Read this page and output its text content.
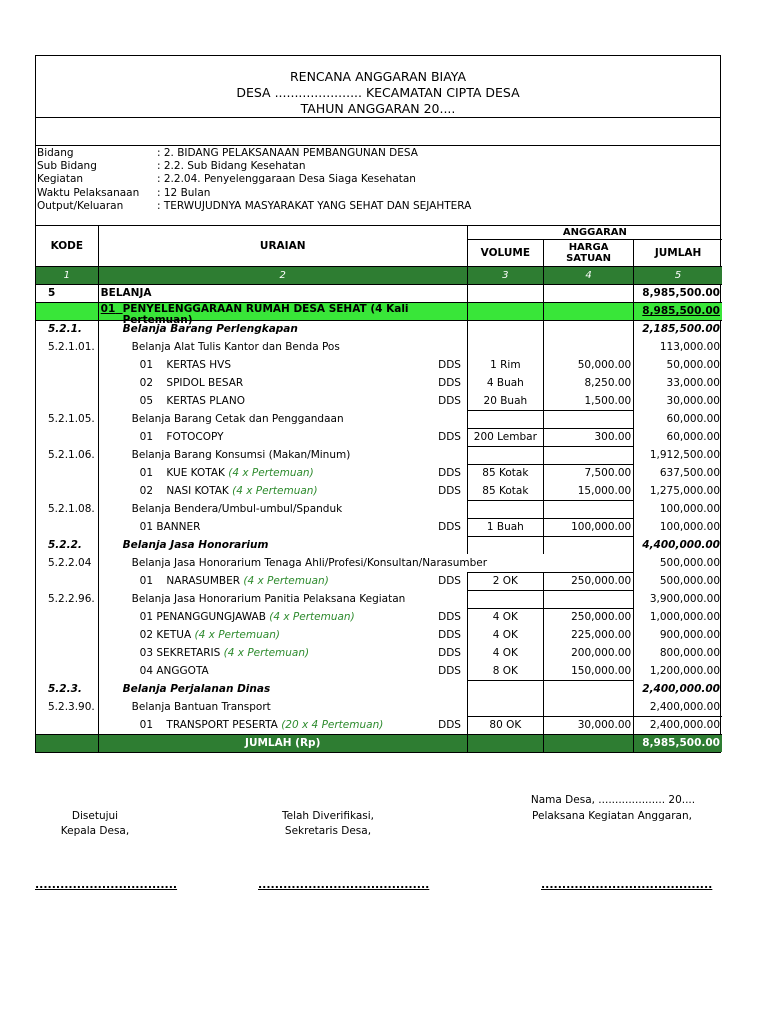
RENCANA ANGGARAN BIAYA
DESA ...................... KECAMATAN CIPTA DESA
TAHUN ANGGARAN 20....
Bidang	: 2. BIDANG PELAKSANAAN PEMBANGUNAN DESA
Sub Bidang	: 2.2. Sub Bidang Kesehatan
Kegiatan	: 2.2.04. Penyelenggaraan Desa Siaga Kesehatan
Waktu Pelaksanaan	: 12 Bulan
Output/Keluaran	: TERWUJUDNYA MASYARAKAT YANG SEHAT DAN SEJAHTERA
KODE	URAIAN		ANGGARAN		
			VOLUME	HARGA SATUAN	JUMLAH
1	2		3	4	5
5	BELANJA				8,985,500.00
	01 PENYELENGGARAAN RUMAH DESA SEHAT (4 Kali Pertemuan)				8,985,500.00
5.2.1.	Belanja Barang Perlengkapan				2,185,500.00
5.2.1.01.	Belanja Alat Tulis Kantor dan Benda Pos				113,000.00
	01 KERTAS HVS	DDS	1 Rim	50,000.00	50,000.00
	02 SPIDOL BESAR	DDS	4 Buah	8,250.00	33,000.00
	05 KERTAS PLANO	DDS	20 Buah	1,500.00	30,000.00
5.2.1.05.	Belanja Barang Cetak dan Penggandaan				60,000.00
	01 FOTOCOPY	DDS	200 Lembar	300.00	60,000.00
5.2.1.06.	Belanja Barang Konsumsi (Makan/Minum)				1,912,500.00
	01 KUE KOTAK (4 x Pertemuan)	DDS	85 Kotak	7,500.00	637,500.00
	02 NASI KOTAK (4 x Pertemuan)	DDS	85 Kotak	15,000.00	1,275,000.00
5.2.1.08.	Belanja Bendera/Umbul-umbul/Spanduk				100,000.00
	01 BANNER	DDS	1 Buah	100,000.00	100,000.00
5.2.2.	Belanja Jasa Honorarium				4,400,000.00
5.2.2.04	Belanja Jasa Honorarium Tenaga Ahli/Profesi/Konsultan/Narasumber				500,000.00
	01 NARASUMBER (4 x Pertemuan)	DDS	2 OK	250,000.00	500,000.00
5.2.2.96.	Belanja Jasa Honorarium Panitia Pelaksana Kegiatan				3,900,000.00
	01 PENANGGUNGJAWAB (4 x Pertemuan)	DDS	4 OK	250,000.00	1,000,000.00
	02 KETUA (4 x Pertemuan)	DDS	4 OK	225,000.00	900,000.00
	03 SEKRETARIS (4 x Pertemuan)	DDS	4 OK	200,000.00	800,000.00
	04 ANGGOTA	DDS	8 OK	150,000.00	1,200,000.00
5.2.3.	Belanja Perjalanan Dinas				2,400,000.00
5.2.3.90.	Belanja Bantuan Transport				2,400,000.00
	01 TRANSPORT PESERTA (20 x 4 Pertemuan)	DDS	80 OK	30,000.00	2,400,000.00
	JUMLAH (Rp)				8,985,500.00
Nama Desa, .................... 20....
Disetujui
Kepala Desa,
Telah Diverifikasi,
Sekretaris Desa,
Pelaksana Kegiatan Anggaran,
..................................	.........................................	.........................................
